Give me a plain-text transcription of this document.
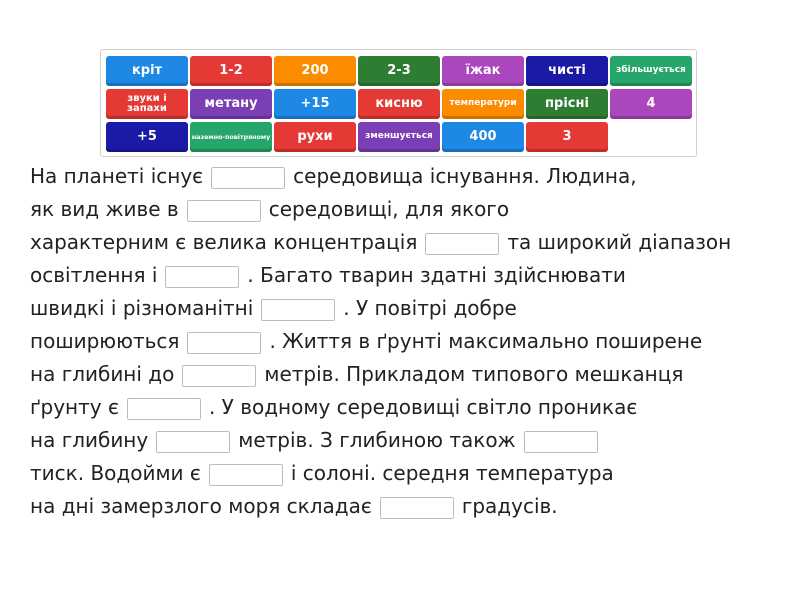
кріт	1-2	200	2-3	їжак	чисті	збільшується
звуки і запахи	метану	+15	кисню	температури	прісні	4
+5	наземно-повітряному	рухи	зменшується	400	3
На планеті існує	середовища існування. Людина,
як вид живе в	середовищі, для якого
характерним є велика концентрація	та широкий діапазон
освітлення і	. Багато тварин здатні здійснювати
швидкі і різноманітні	. У повітрі добре
поширюються	. Життя в ґрунті максимально поширене
на глибині до	метрів. Прикладом типового мешканця
ґрунту є	. У водному середовищі світло проникає
на глибину	метрів. З глибиною також
тиск. Водойми є	і солоні. середня температура
на дні замерзлого моря складає	градусів.
